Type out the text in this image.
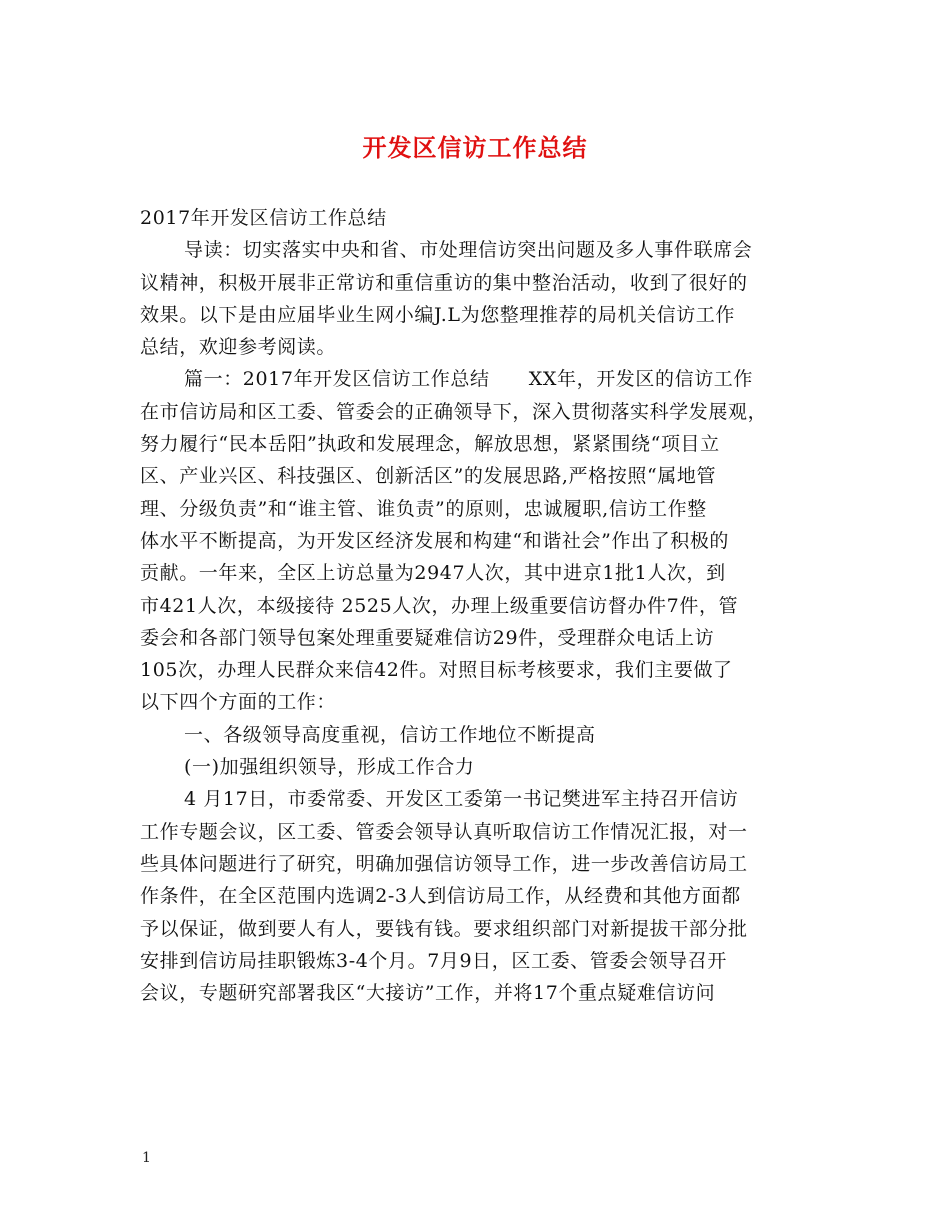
开发区信访工作总结
2017年开发区信访工作总结
导读：切实落实中央和省、市处理信访突出问题及多人事件联席会
议精神，积极开展非正常访和重信重访的集中整治活动，收到了很好的
效果。以下是由应届毕业生网小编J.L为您整理推荐的局机关信访工作
总结，欢迎参考阅读。
篇一：2017年开发区信访工作总结　　XX年，开发区的信访工作
在市信访局和区工委、管委会的正确领导下，深入贯彻落实科学发展观，
努力履行“民本岳阳”执政和发展理念，解放思想，紧紧围绕“项目立
区、产业兴区、科技强区、创新活区”的发展思路,严格按照“属地管
理、分级负责”和“谁主管、谁负责”的原则，忠诚履职,信访工作整
体水平不断提高，为开发区经济发展和构建“和谐社会”作出了积极的
贡献。一年来，全区上访总量为2947人次，其中进京1批1人次，到
市421人次，本级接待 2525人次，办理上级重要信访督办件7件，管
委会和各部门领导包案处理重要疑难信访29件，受理群众电话上访
105次，办理人民群众来信42件。对照目标考核要求，我们主要做了
以下四个方面的工作：
一、各级领导高度重视，信访工作地位不断提高
(一)加强组织领导，形成工作合力
4 月17日，市委常委、开发区工委第一书记樊进军主持召开信访
工作专题会议，区工委、管委会领导认真听取信访工作情况汇报，对一
些具体问题进行了研究，明确加强信访领导工作，进一步改善信访局工
作条件，在全区范围内选调2-3人到信访局工作，从经费和其他方面都
予以保证，做到要人有人，要钱有钱。要求组织部门对新提拔干部分批
安排到信访局挂职锻炼3-4个月。7月9日，区工委、管委会领导召开
会议，专题研究部署我区“大接访”工作，并将17个重点疑难信访问
1
